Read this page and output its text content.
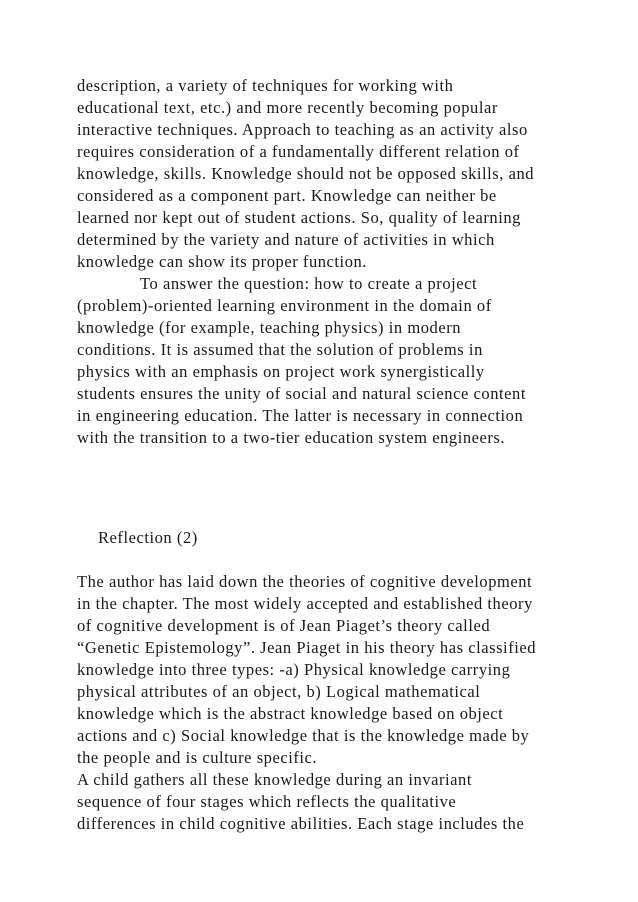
description, a variety of techniques for working with
educational text, etc.) and more recently becoming popular
interactive techniques. Approach to teaching as an activity also
requires consideration of a fundamentally different relation of
knowledge, skills. Knowledge should not be opposed skills, and
considered as a component part. Knowledge can neither be
learned nor kept out of student actions. So, quality of learning
determined by the variety and nature of activities in which
knowledge can show its proper function.
To answer the question: how to create a project
(problem)-oriented learning environment in the domain of
knowledge (for example, teaching physics) in modern
conditions. It is assumed that the solution of problems in
physics with an emphasis on project work synergistically
students ensures the unity of social and natural science content
in engineering education. The latter is necessary in connection
with the transition to a two-tier education system engineers.
Reflection (2)
The author has laid down the theories of cognitive development
in the chapter. The most widely accepted and established theory
of cognitive development is of Jean Piaget’s theory called
“Genetic Epistemology”. Jean Piaget in his theory has classified
knowledge into three types: -a) Physical knowledge carrying
physical attributes of an object, b) Logical mathematical
knowledge which is the abstract knowledge based on object
actions and c) Social knowledge that is the knowledge made by
the people and is culture specific.
A child gathers all these knowledge during an invariant
sequence of four stages which reflects the qualitative
differences in child cognitive abilities. Each stage includes the
